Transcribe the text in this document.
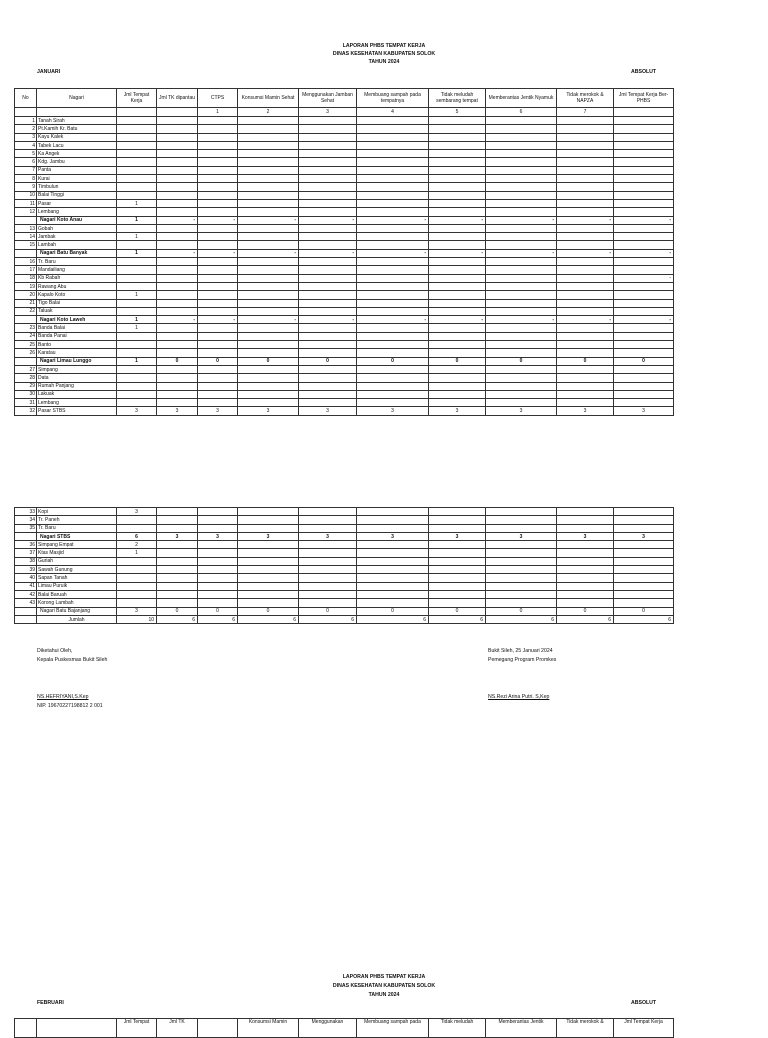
LAPORAN PHBS TEMPAT KERJA
DINAS KESEHATAN KABUPATEN SOLOK
TAHUN 2024
JANUARI	ABSOLUT
No	Nagari	Jml Tempat Kerja	Jml TK dipantau	CTPS	Konsumsi Mamin Sehat	Menggunakan Jamban Sehat	Membuang sampah pada tempatnya	Tidak meludah sembarang tempat	Memberantas Jentik Nyamuk	Tidak merokok & NAPZA	Jml Tempat Kerja Ber-PHBS
				1	2	3	4	5	6	7	
1	Tanah Sirah										
2	Pt.Kamih Kr. Batu										
3	Kayu Kalek										
4	Tabek Lacu										
5	Ka Angek										
6	Kdg. Jambu										
7	Panta										
8	Kurai										
9	Timbulun										
10	Balai Tinggi										
11	Pasar	1									
12	Lembang										
	Nagari Koto Anau	1	-	-	-	-	-	-	-	-	-
13	Gobah										
14	Jambak	1									
15	Lambah										
	Nagari Batu Banyak	1	-	-	-	-	-	-	-	-	-
16	Tr. Baru										
17	Mandailiang										
18	Kb Rabah										-
19	Rawang Abu										
20	Kapalo Koto	1									
21	Tigo Balai										
22	Taluak										
	Nagari Koto Laweh	1	-	-	-	-	-	-	-	-	-
23	Banda Balai	1									
24	Banda Panai										
25	Banto										
26	Karatau										
	Nagari Limau Lunggo	1	0	0	0	0	0	0	0	0	0
27	Simpang										
28	Data										
29	Rumah Panjang										
30	Lakuak										
31	Lembang										
32	Pasar STBS	3	3	3	3	3	3	3	3	3	3
33	Kopi	3									
34	Tr. Paneh										
35	Tr. Baru										
	Nagari STBS	6	3	3	3	3	3	3	3	3	3
36	Simpang Empat	2									
37	Ktas Masjid	1									
38	Guriah										
39	Sawah Gunung										
40	Sapan Tanah										
41	Limau Puruik										
42	Balai Baruah										
43	Korong Lambah										
	Nagari Batu Bajanjang	3	0	0	0	0	0	0	0	0	0
	Jumlah	10	6	6	6	6	6	6	6	6	6
Diketahui Oleh,
Kepala Puskesmas Bukit Sileh
NS.HEFRIYANI,S.Kep
NIP. 19670227198812 2 001
Bukit Sileh, 25 Januari 2024
Pemegang Program Promkes
NS.Rezi Arina Putri. S,Kep
LAPORAN PHBS TEMPAT KERJA
DINAS KESEHATAN KABUPATEN SOLOK
TAHUN 2024
FEBRUARI	ABSOLUT
		Jml Tempat	Jml TK		Konsumsi Mamin	Menggunakan	Membuang sampah pada	Tidak meludah	Memberantas Jentik	Tidak merokok &	Jml Tempat Kerja
